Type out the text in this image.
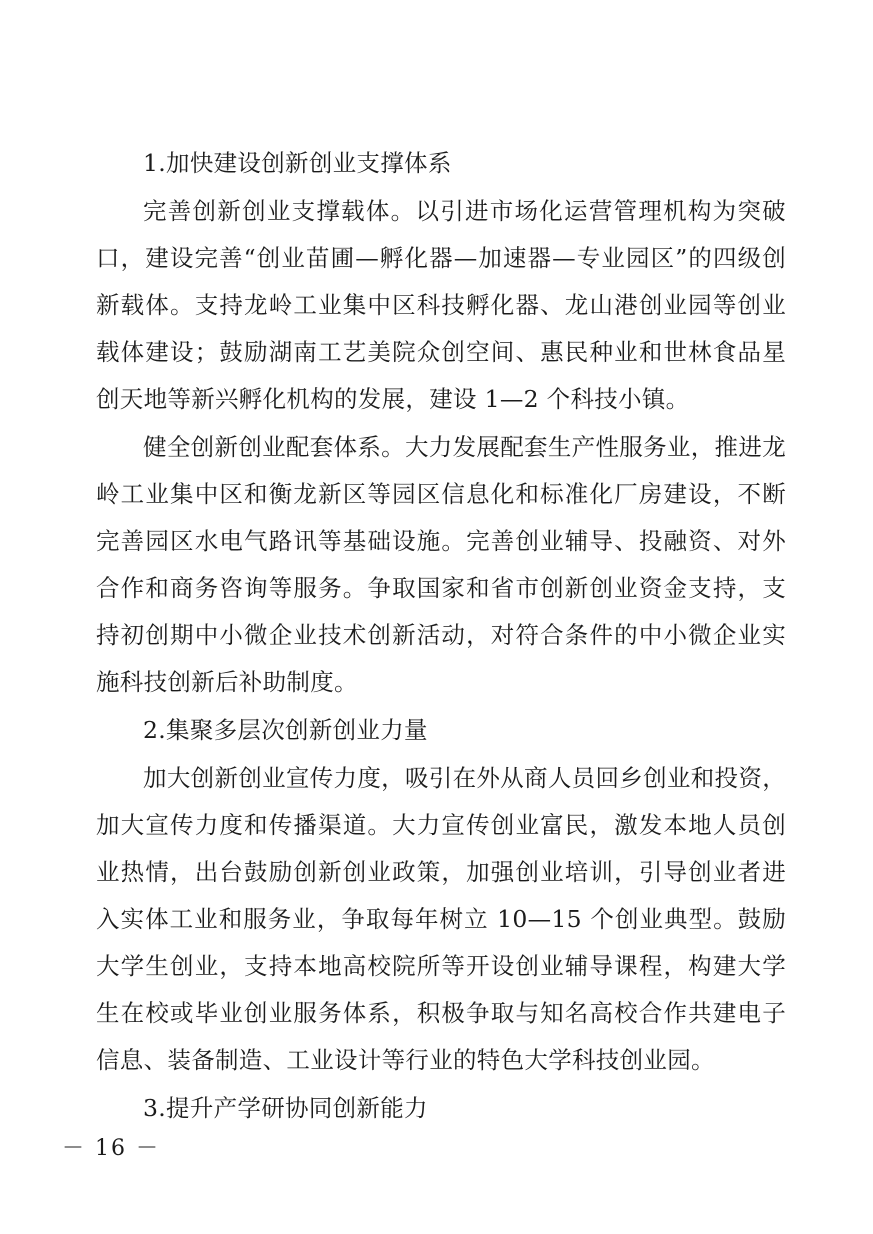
1.加快建设创新创业支撑体系

完善创新创业支撑载体。以引进市场化运营管理机构为突破口，建设完善“创业苗圃—孵化器—加速器—专业园区”的四级创新载体。支持龙岭工业集中区科技孵化器、龙山港创业园等创业载体建设；鼓励湖南工艺美院众创空间、惠民种业和世林食品星创天地等新兴孵化机构的发展，建设 1—2 个科技小镇。

健全创新创业配套体系。大力发展配套生产性服务业，推进龙岭工业集中区和衡龙新区等园区信息化和标准化厂房建设，不断完善园区水电气路讯等基础设施。完善创业辅导、投融资、对外合作和商务咨询等服务。争取国家和省市创新创业资金支持，支持初创期中小微企业技术创新活动，对符合条件的中小微企业实施科技创新后补助制度。

2.集聚多层次创新创业力量

加大创新创业宣传力度，吸引在外从商人员回乡创业和投资，加大宣传力度和传播渠道。大力宣传创业富民，激发本地人员创业热情，出台鼓励创新创业政策，加强创业培训，引导创业者进入实体工业和服务业，争取每年树立 10—15 个创业典型。鼓励大学生创业，支持本地高校院所等开设创业辅导课程，构建大学生在校或毕业创业服务体系，积极争取与知名高校合作共建电子信息、装备制造、工业设计等行业的特色大学科技创业园。

3.提升产学研协同创新能力

－ 16 －
